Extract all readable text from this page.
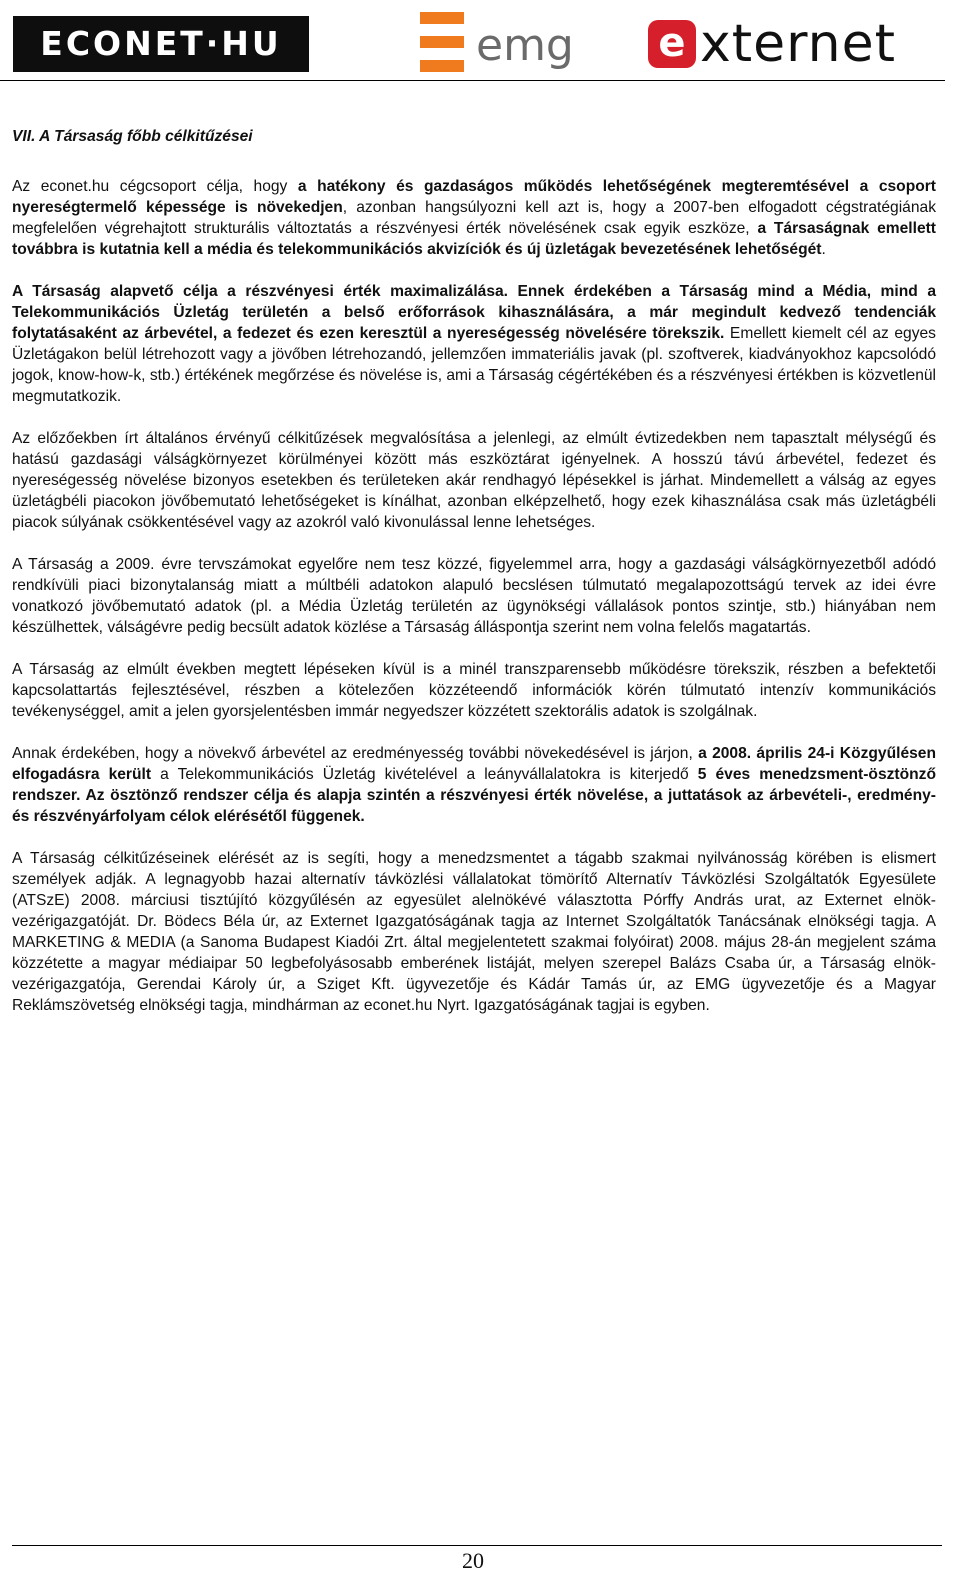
ECONET·HU	emg e xternet
VII. A Társaság főbb célkitűzései

Az econet.hu cégcsoport célja, hogy a hatékony és gazdaságos működés lehetőségének megteremtésével a csoport nyereségtermelő képessége is növekedjen, azonban hangsúlyozni kell azt is, hogy a 2007-ben elfogadott cégstratégiának megfelelően végrehajtott strukturális változtatás a részvényesi érték növelésének csak egyik eszköze, a Társaságnak emellett továbbra is kutatnia kell a média és telekommunikációs akvizíciók és új üzletágak bevezetésének lehetőségét.

A Társaság alapvető célja a részvényesi érték maximalizálása. Ennek érdekében a Társaság mind a Média, mind a Telekommunikációs Üzletág területén a belső erőforrások kihasználására, a már megindult kedvező tendenciák folytatásaként az árbevétel, a fedezet és ezen keresztül a nyereségesség növelésére törekszik. Emellett kiemelt cél az egyes Üzletágakon belül létrehozott vagy a jövőben létrehozandó, jellemzően immateriális javak (pl. szoftverek, kiadványokhoz kapcsolódó jogok, know-how-k, stb.) értékének megőrzése és növelése is, ami a Társaság cégértékében és a részvényesi értékben is közvetlenül megmutatkozik.

Az előzőekben írt általános érvényű célkitűzések megvalósítása a jelenlegi, az elmúlt évtizedekben nem tapasztalt mélységű és hatású gazdasági válságkörnyezet körülményei között más eszköztárat igényelnek. A hosszú távú árbevétel, fedezet és nyereségesség növelése bizonyos esetekben és területeken akár rendhagyó lépésekkel is járhat. Mindemellett a válság az egyes üzletágbéli piacokon jövőbemutató lehetőségeket is kínálhat, azonban elképzelhető, hogy ezek kihasználása csak más üzletágbéli piacok súlyának csökkentésével vagy az azokról való kivonulással lenne lehetséges.

A Társaság a 2009. évre tervszámokat egyelőre nem tesz közzé, figyelemmel arra, hogy a gazdasági válságkörnyezetből adódó rendkívüli piaci bizonytalanság miatt a múltbéli adatokon alapuló becslésen túlmutató megalapozottságú tervek az idei évre vonatkozó jövőbemutató adatok (pl. a Média Üzletág területén az ügynökségi vállalások pontos szintje, stb.) hiányában nem készülhettek, válságévre pedig becsült adatok közlése a Társaság álláspontja szerint nem volna felelős magatartás.

A Társaság az elmúlt években megtett lépéseken kívül is a minél transzparensebb működésre törekszik, részben a befektetői kapcsolattartás fejlesztésével, részben a kötelezően közzéteendő információk körén túlmutató intenzív kommunikációs tevékenységgel, amit a jelen gyorsjelentésben immár negyedszer közzétett szektorális adatok is szolgálnak.

Annak érdekében, hogy a növekvő árbevétel az eredményesség további növekedésével is járjon, a 2008. április 24-i Közgyűlésen elfogadásra került a Telekommunikációs Üzletág kivételével a leányvállalatokra is kiterjedő 5 éves menedzsment-ösztönző rendszer. Az ösztönző rendszer célja és alapja szintén a részvényesi érték növelése, a juttatások az árbevételi-, eredmény- és részvényárfolyam célok elérésétől függenek.

A Társaság célkitűzéseinek elérését az is segíti, hogy a menedzsmentet a tágabb szakmai nyilvánosság körében is elismert személyek adják. A legnagyobb hazai alternatív távközlési vállalatokat tömörítő Alternatív Távközlési Szolgáltatók Egyesülete (ATSzE) 2008. márciusi tisztújító közgyűlésén az egyesület alelnökévé választotta Pórffy András urat, az Externet elnök-vezérigazgatóját. Dr. Bödecs Béla úr, az Externet Igazgatóságának tagja az Internet Szolgáltatók Tanácsának elnökségi tagja. A MARKETING & MEDIA (a Sanoma Budapest Kiadói Zrt. által megjelentetett szakmai folyóirat) 2008. május 28-án megjelent száma közzétette a magyar médiaipar 50 legbefolyásosabb emberének listáját, melyen szerepel Balázs Csaba úr, a Társaság elnök-vezérigazgatója, Gerendai Károly úr, a Sziget Kft. ügyvezetője és Kádár Tamás úr, az EMG ügyvezetője és a Magyar Reklámszövetség elnökségi tagja, mindhárman az econet.hu Nyrt. Igazgatóságának tagjai is egyben.

20
